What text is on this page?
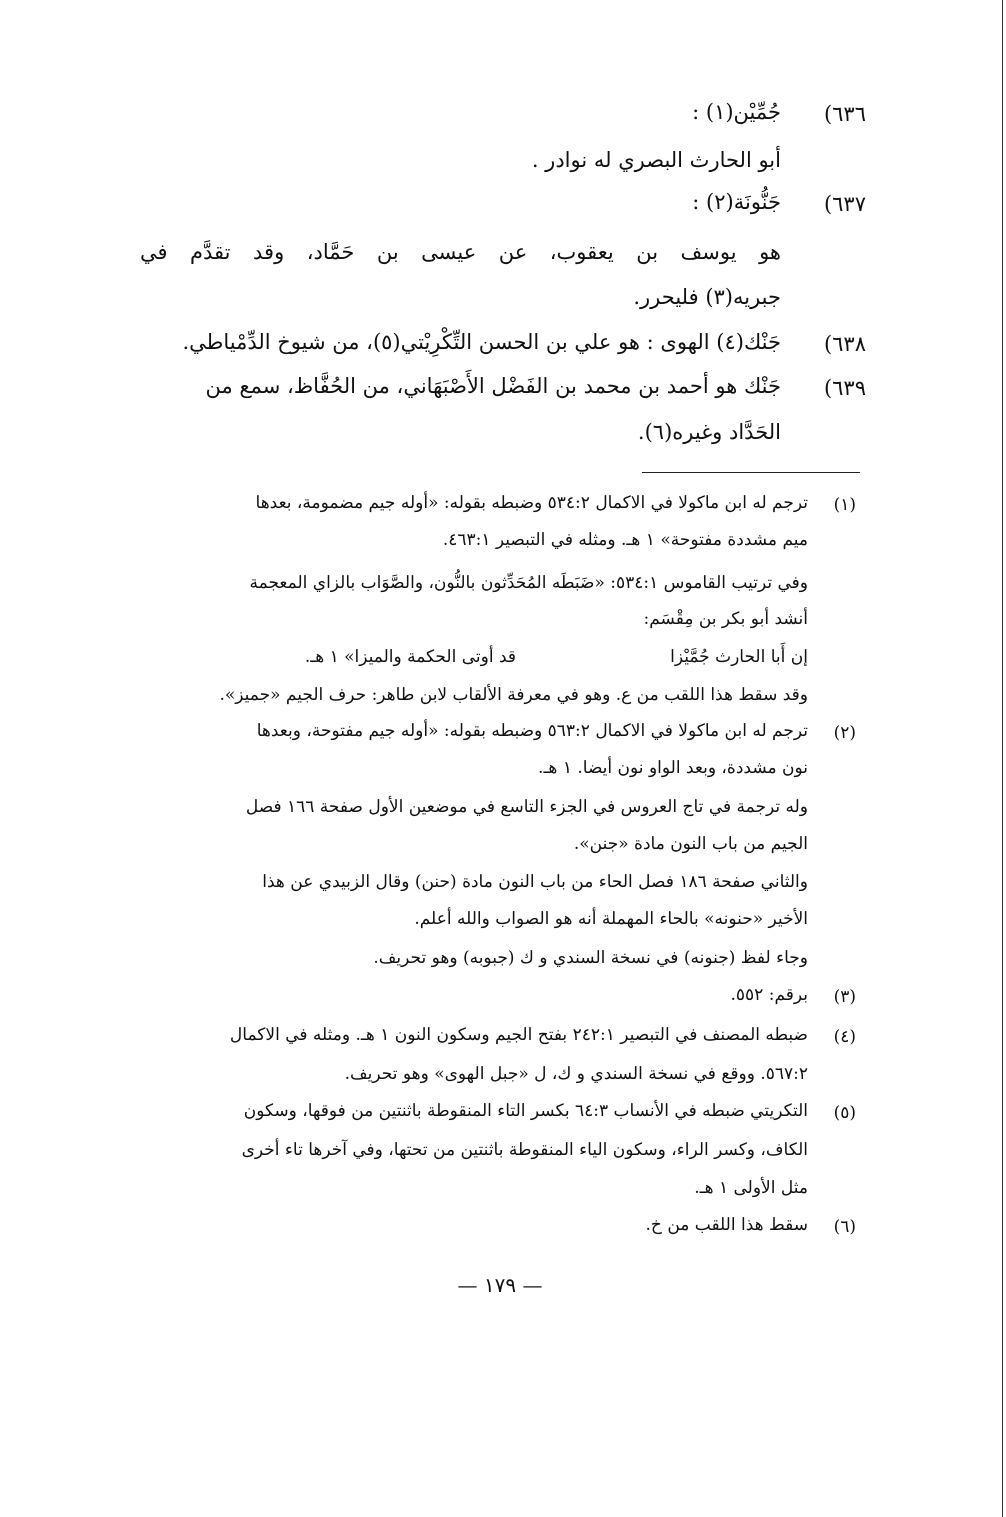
(٦٣٦
جُمِّيْن(١) :
أبو الحارث البصري له نوادر .
(٦٣٧
جَنُّونَة(٢) :
هو يوسف بن يعقوب، عن عيسى بن حَمَّاد، وقد تقدَّم في
جبريه(٣) فليحرر.
(٦٣٨
جَنْك(٤) الهوى : هو علي بن الحسن التِّكْرِيْتي(٥)، من شيوخ الدِّمْياطي.
(٦٣٩
جَنْك هو أحمد بن محمد بن الفَضْل الأَصْبَهَاني، من الحُفَّاظ، سمع من
الحَدَّاد وغيره(٦).
(١)
ترجم له ابن ماكولا في الاكمال ٥٣٤:٢ وضبطه بقوله: «أوله جيم مضمومة، بعدها
ميم مشددة مفتوحة» ١ هـ. ومثله في التبصير ٤٦٣:١.
وفي ترتيب القاموس ٥٣٤:١: «ضَبَطَه المُحَدِّثون بالنُّون، والصَّوَاب بالزاي المعجمة
أنشد أبو بكر بن مِقْسَم:
إن أَبا الحارث جُمَّيْزا
قد أوتى الحكمة والميزا» ١ هـ.
وقد سقط هذا اللقب من ع. وهو في معرفة الألقاب لابن طاهر: حرف الجيم «جميز».
(٢)
ترجم له ابن ماكولا في الاكمال ٥٦٣:٢ وضبطه بقوله: «أوله جيم مفتوحة، وبعدها
نون مشددة، وبعد الواو نون أيضا. ١ هـ.
وله ترجمة في تاج العروس في الجزء التاسع في موضعين الأول صفحة ١٦٦ فصل
الجيم من باب النون مادة «جنن».
والثاني صفحة ١٨٦ فصل الحاء من باب النون مادة (حنن) وقال الزبيدي عن هذا
الأخير «حنونه» بالحاء المهملة أنه هو الصواب والله أعلم.
وجاء لفظ (جنونه) في نسخة السندي و ك (جبوبه) وهو تحريف.
(٣)
برقم: ٥٥٢.
(٤)
ضبطه المصنف في التبصير ٢٤٢:١ بفتح الجيم وسكون النون ١ هـ. ومثله في الاكمال
٥٦٧:٢. ووقع في نسخة السندي و ك، ل «جبل الهوى» وهو تحريف.
(٥)
التكريتي ضبطه في الأنساب ٦٤:٣ بكسر التاء المنقوطة باثنتين من فوقها، وسكون
الكاف، وكسر الراء، وسكون الياء المنقوطة باثنتين من تحتها، وفي آخرها تاء أخرى
مثل الأولى ١ هـ.
(٦)
سقط هذا اللقب من خ.
— ١٧٩ —
